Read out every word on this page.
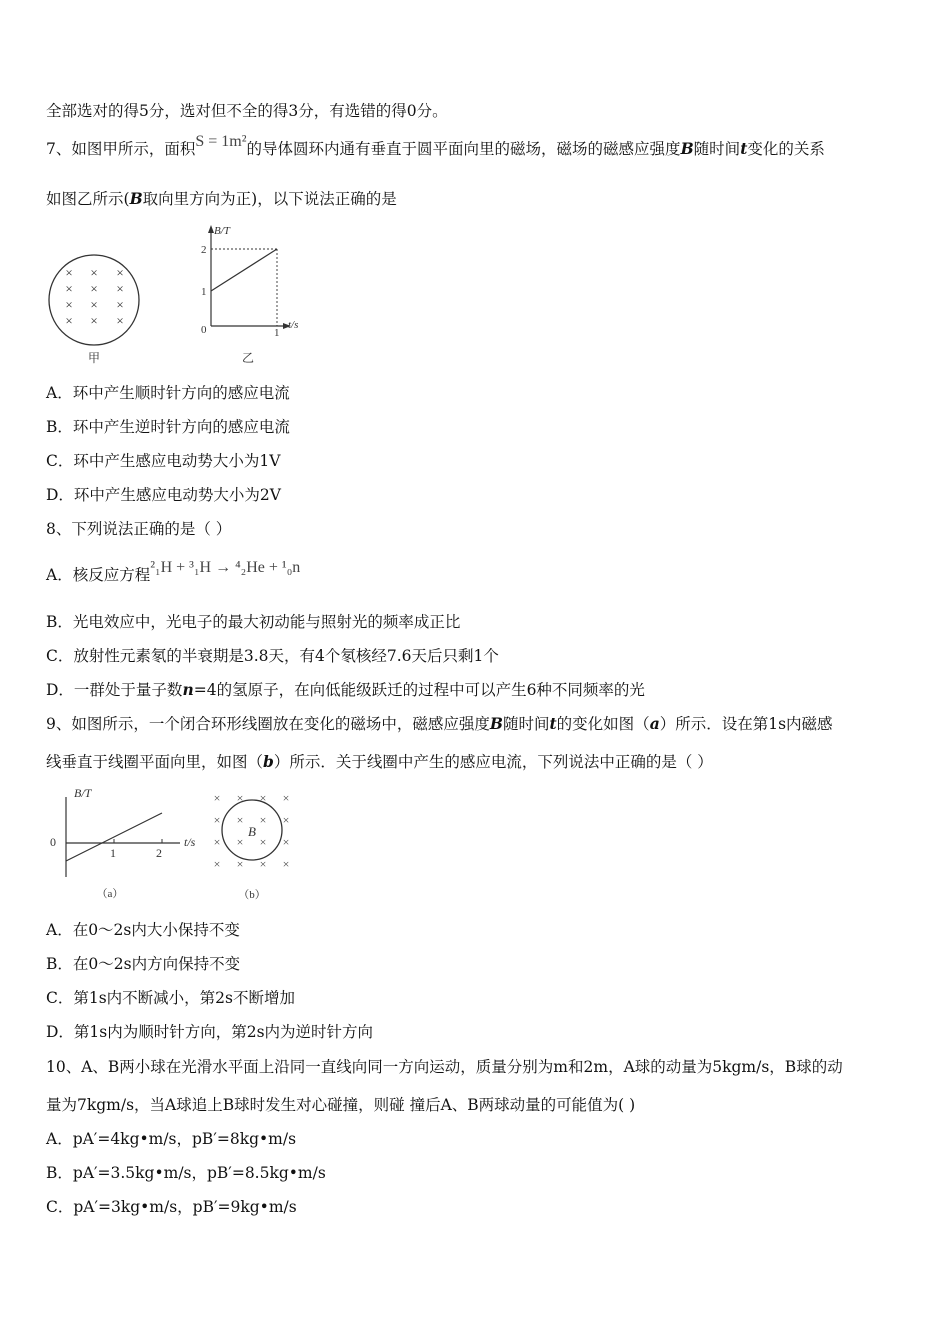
全部选对的得5分，选对但不全的得3分，有选错的得0分。
7、如图甲所示，面积S = 1m²的导体圆环内通有垂直于圆平面向里的磁场，磁场的磁感应强度B随时间t变化的关系
如图乙所示(B取向里方向为正)，以下说法正确的是
× × ×
× × ×
× × ×
× × ×
甲
B/T
t/s
2
1
0	1
乙
A．环中产生顺时针方向的感应电流
B．环中产生逆时针方向的感应电流
C．环中产生感应电动势大小为1V
D．环中产生感应电动势大小为2V
8、下列说法正确的是（ ）
A．核反应方程²₁H + ³₁H → ⁴₂He + ¹₀n
B．光电效应中，光电子的最大初动能与照射光的频率成正比
C．放射性元素氡的半衰期是3.8天，有4个氡核经7.6天后只剩1个
D．一群处于量子数n=4的氢原子，在向低能级跃迁的过程中可以产生6种不同频率的光
9、如图所示，一个闭合环形线圈放在变化的磁场中，磁感应强度B随时间t的变化如图（a）所示．设在第1s内磁感
线垂直于线圈平面向里，如图（b）所示．关于线圈中产生的感应电流，下列说法中正确的是（ ）
B/T
t/s
0
1	2
（a）
× × × ×
× × × ×
× × × ×
× × × ×
B
（b）
A．在0～2s内大小保持不变
B．在0～2s内方向保持不变
C．第1s内不断减小，第2s不断增加
D．第1s内为顺时针方向，第2s内为逆时针方向
10、A、B两小球在光滑水平面上沿同一直线向同一方向运动，质量分别为m和2m，A球的动量为5kgm/s，B球的动
量为7kgm/s，当A球追上B球时发生对心碰撞，则碰 撞后A、B两球动量的可能值为( )
A．pA′=4kg•m/s，pB′=8kg•m/s
B．pA′=3.5kg•m/s，pB′=8.5kg•m/s
C．pA′=3kg•m/s，pB′=9kg•m/s
